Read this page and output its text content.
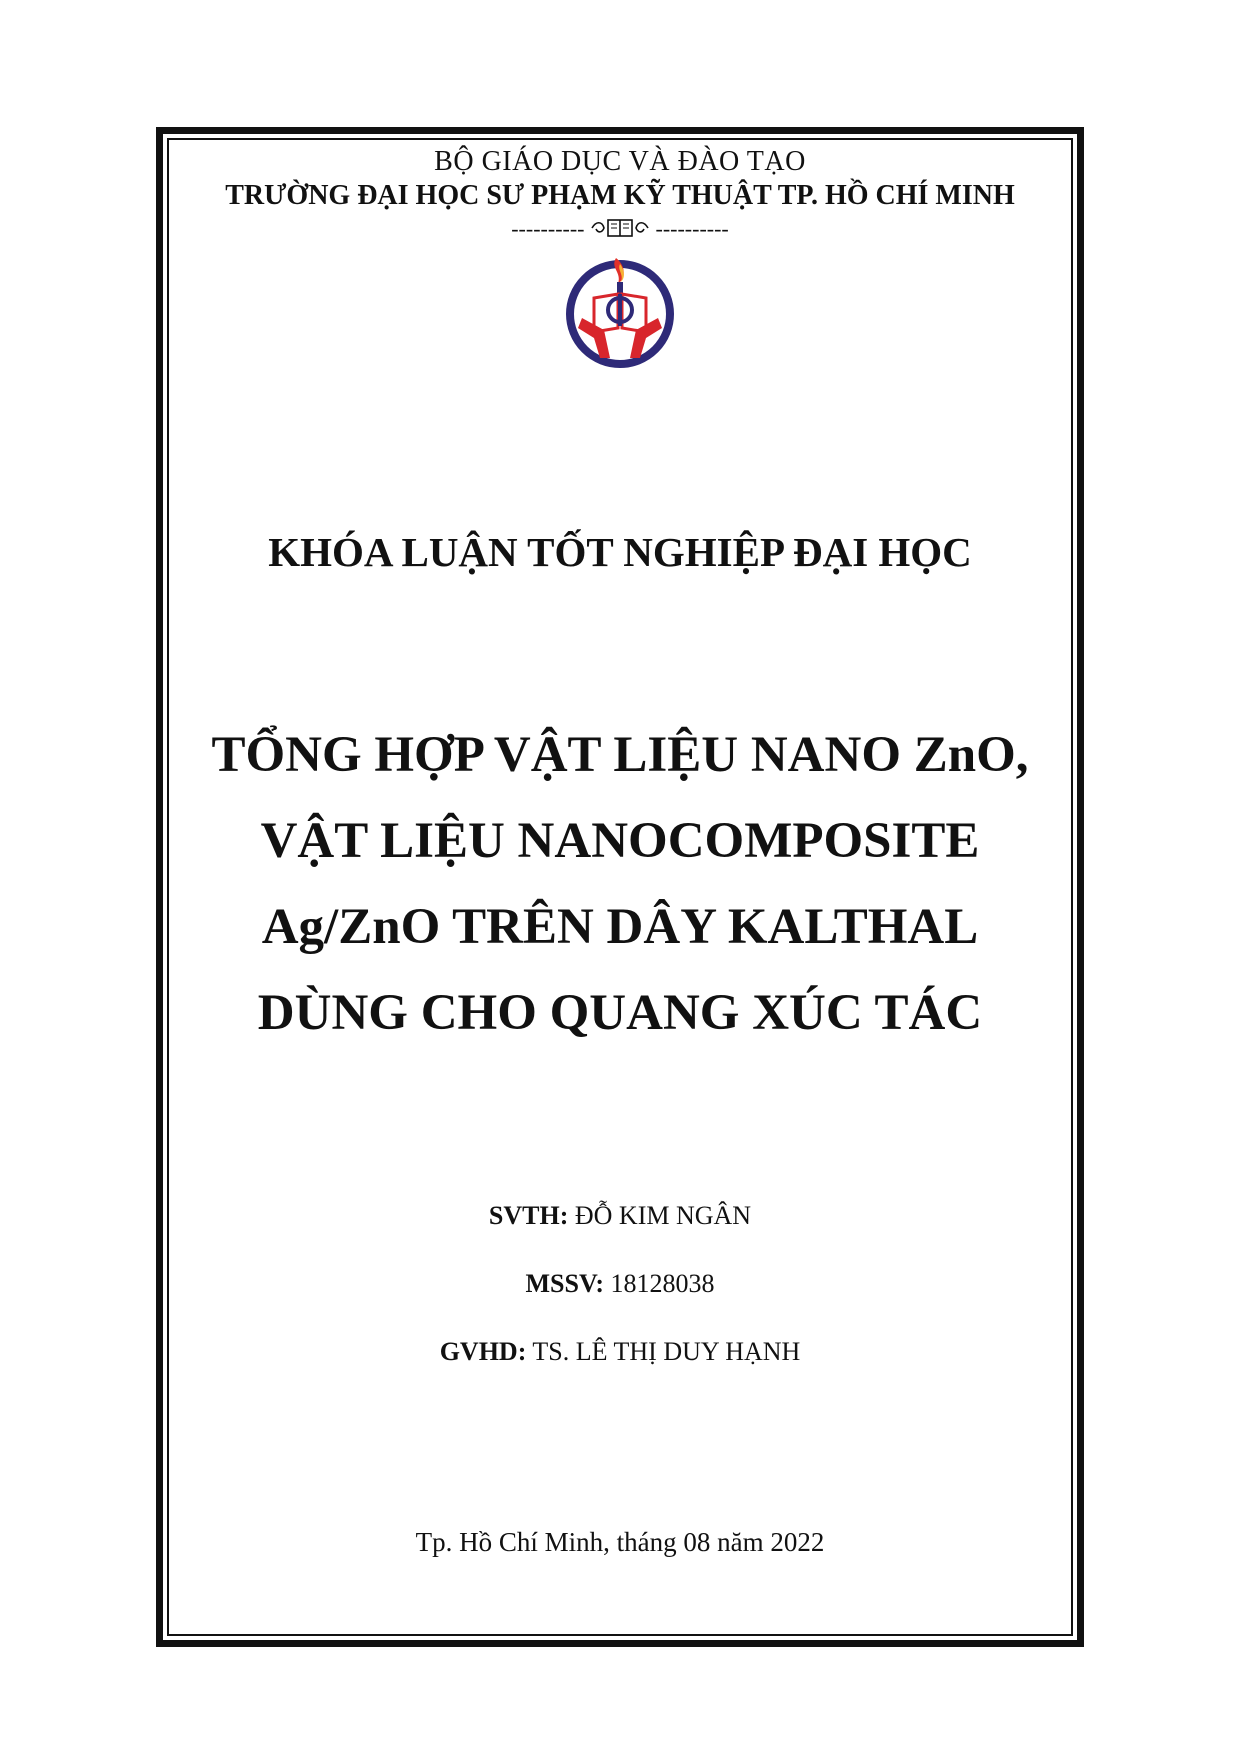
BỘ GIÁO DỤC VÀ ĐÀO TẠO
TRƯỜNG ĐẠI HỌC SƯ PHẠM KỸ THUẬT TP. HỒ CHÍ MINH
----------	----------
KHÓA LUẬN TỐT NGHIỆP ĐẠI HỌC
TỔNG HỢP VẬT LIỆU NANO ZnO,
VẬT LIỆU NANOCOMPOSITE
Ag/ZnO TRÊN DÂY KALTHAL
DÙNG CHO QUANG XÚC TÁC
SVTH: ĐỖ KIM NGÂN
MSSV: 18128038
GVHD: TS. LÊ THỊ DUY HẠNH
Tp. Hồ Chí Minh, tháng 08 năm 2022
